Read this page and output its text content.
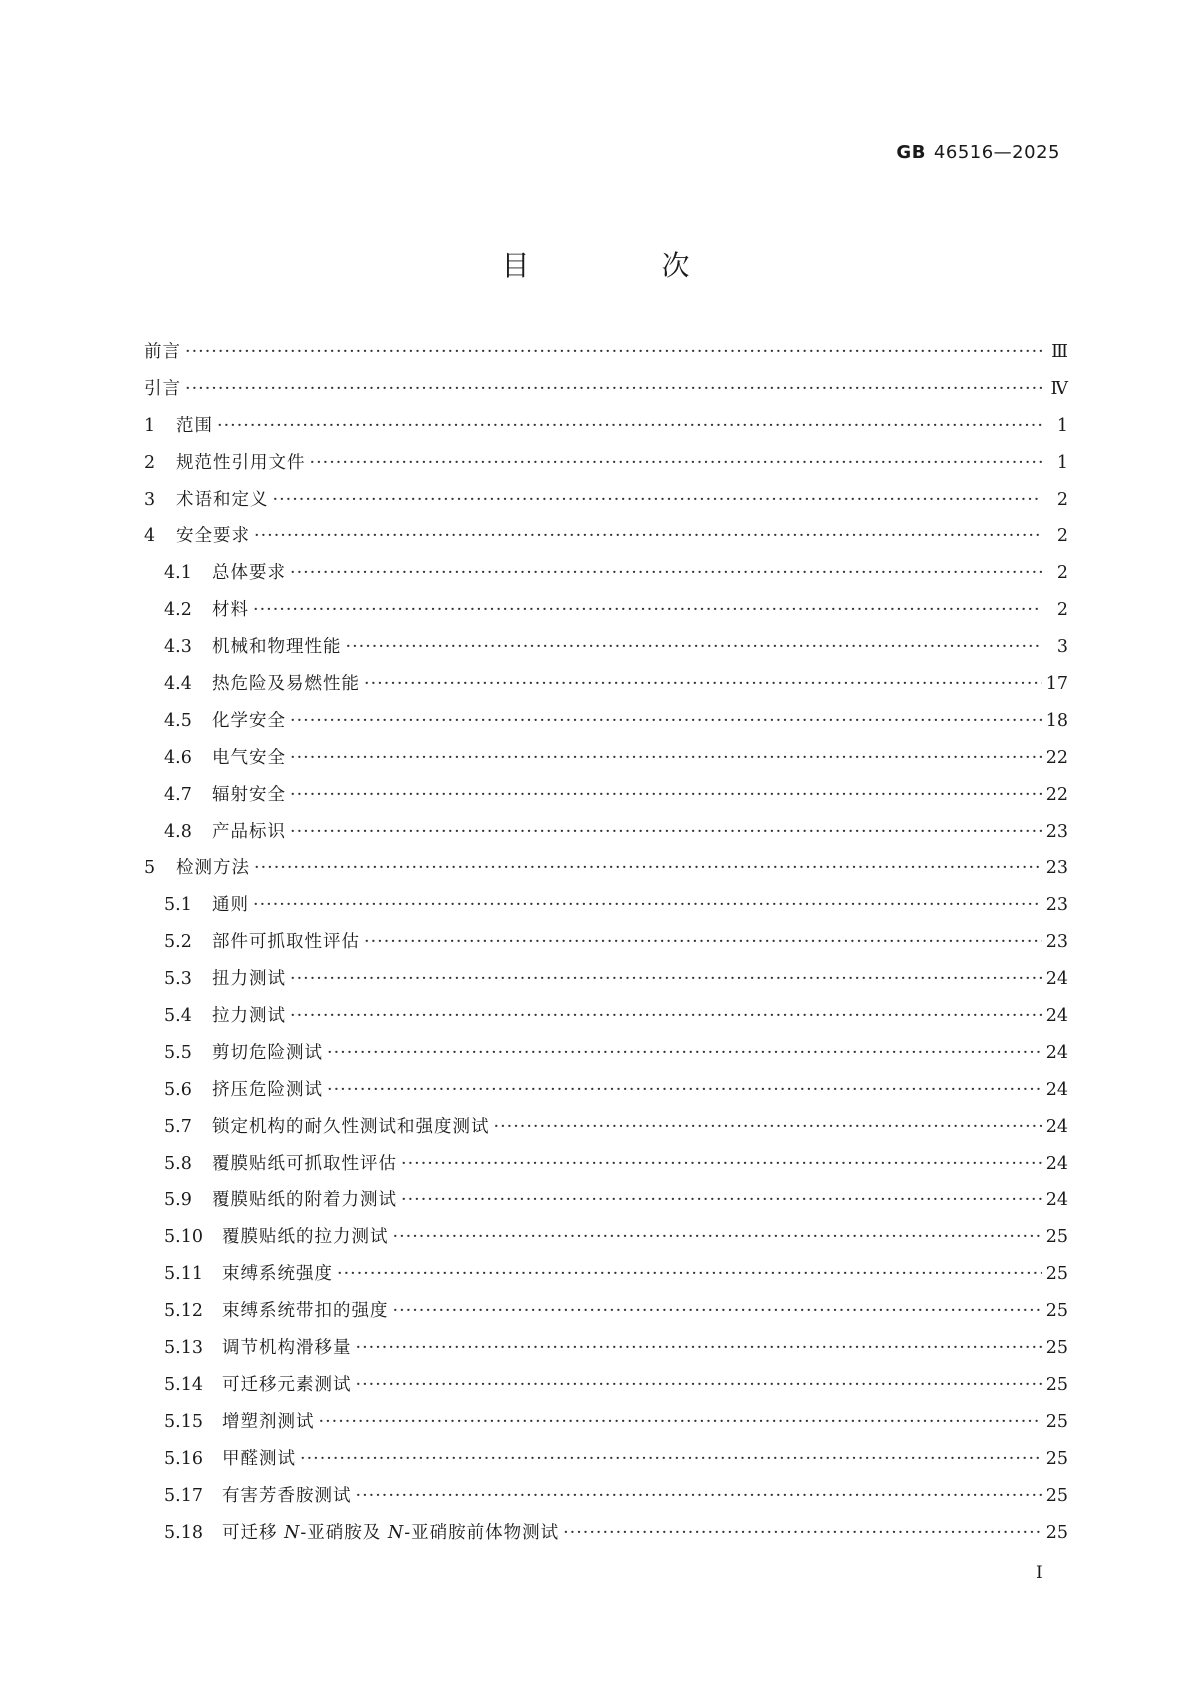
GB 46516—2025
目　次
前言 ·····	Ⅲ
引言 ·····	Ⅳ
1	范围 ·····	1
2	规范性引用文件 ·····	1
3	术语和定义 ·····	2
4	安全要求 ·····	2
4.1	总体要求 ·····	2
4.2	材料 ·····	2
4.3	机械和物理性能 ·····	3
4.4	热危险及易燃性能 ·····	17
4.5	化学安全 ·····	18
4.6	电气安全 ·····	22
4.7	辐射安全 ·····	22
4.8	产品标识 ·····	23
5	检测方法 ·····	23
5.1	通则 ·····	23
5.2	部件可抓取性评估 ·····	23
5.3	扭力测试 ·····	24
5.4	拉力测试 ·····	24
5.5	剪切危险测试 ·····	24
5.6	挤压危险测试 ·····	24
5.7	锁定机构的耐久性测试和强度测试 ·····	24
5.8	覆膜贴纸可抓取性评估 ·····	24
5.9	覆膜贴纸的附着力测试 ·····	24
5.10	覆膜贴纸的拉力测试 ·····	25
5.11	束缚系统强度 ·····	25
5.12	束缚系统带扣的强度 ·····	25
5.13	调节机构滑移量 ·····	25
5.14	可迁移元素测试 ·····	25
5.15	增塑剂测试 ·····	25
5.16	甲醛测试 ·····	25
5.17	有害芳香胺测试 ·····	25
5.18	可迁移 N-亚硝胺及 N-亚硝胺前体物测试 ·····	25
I
